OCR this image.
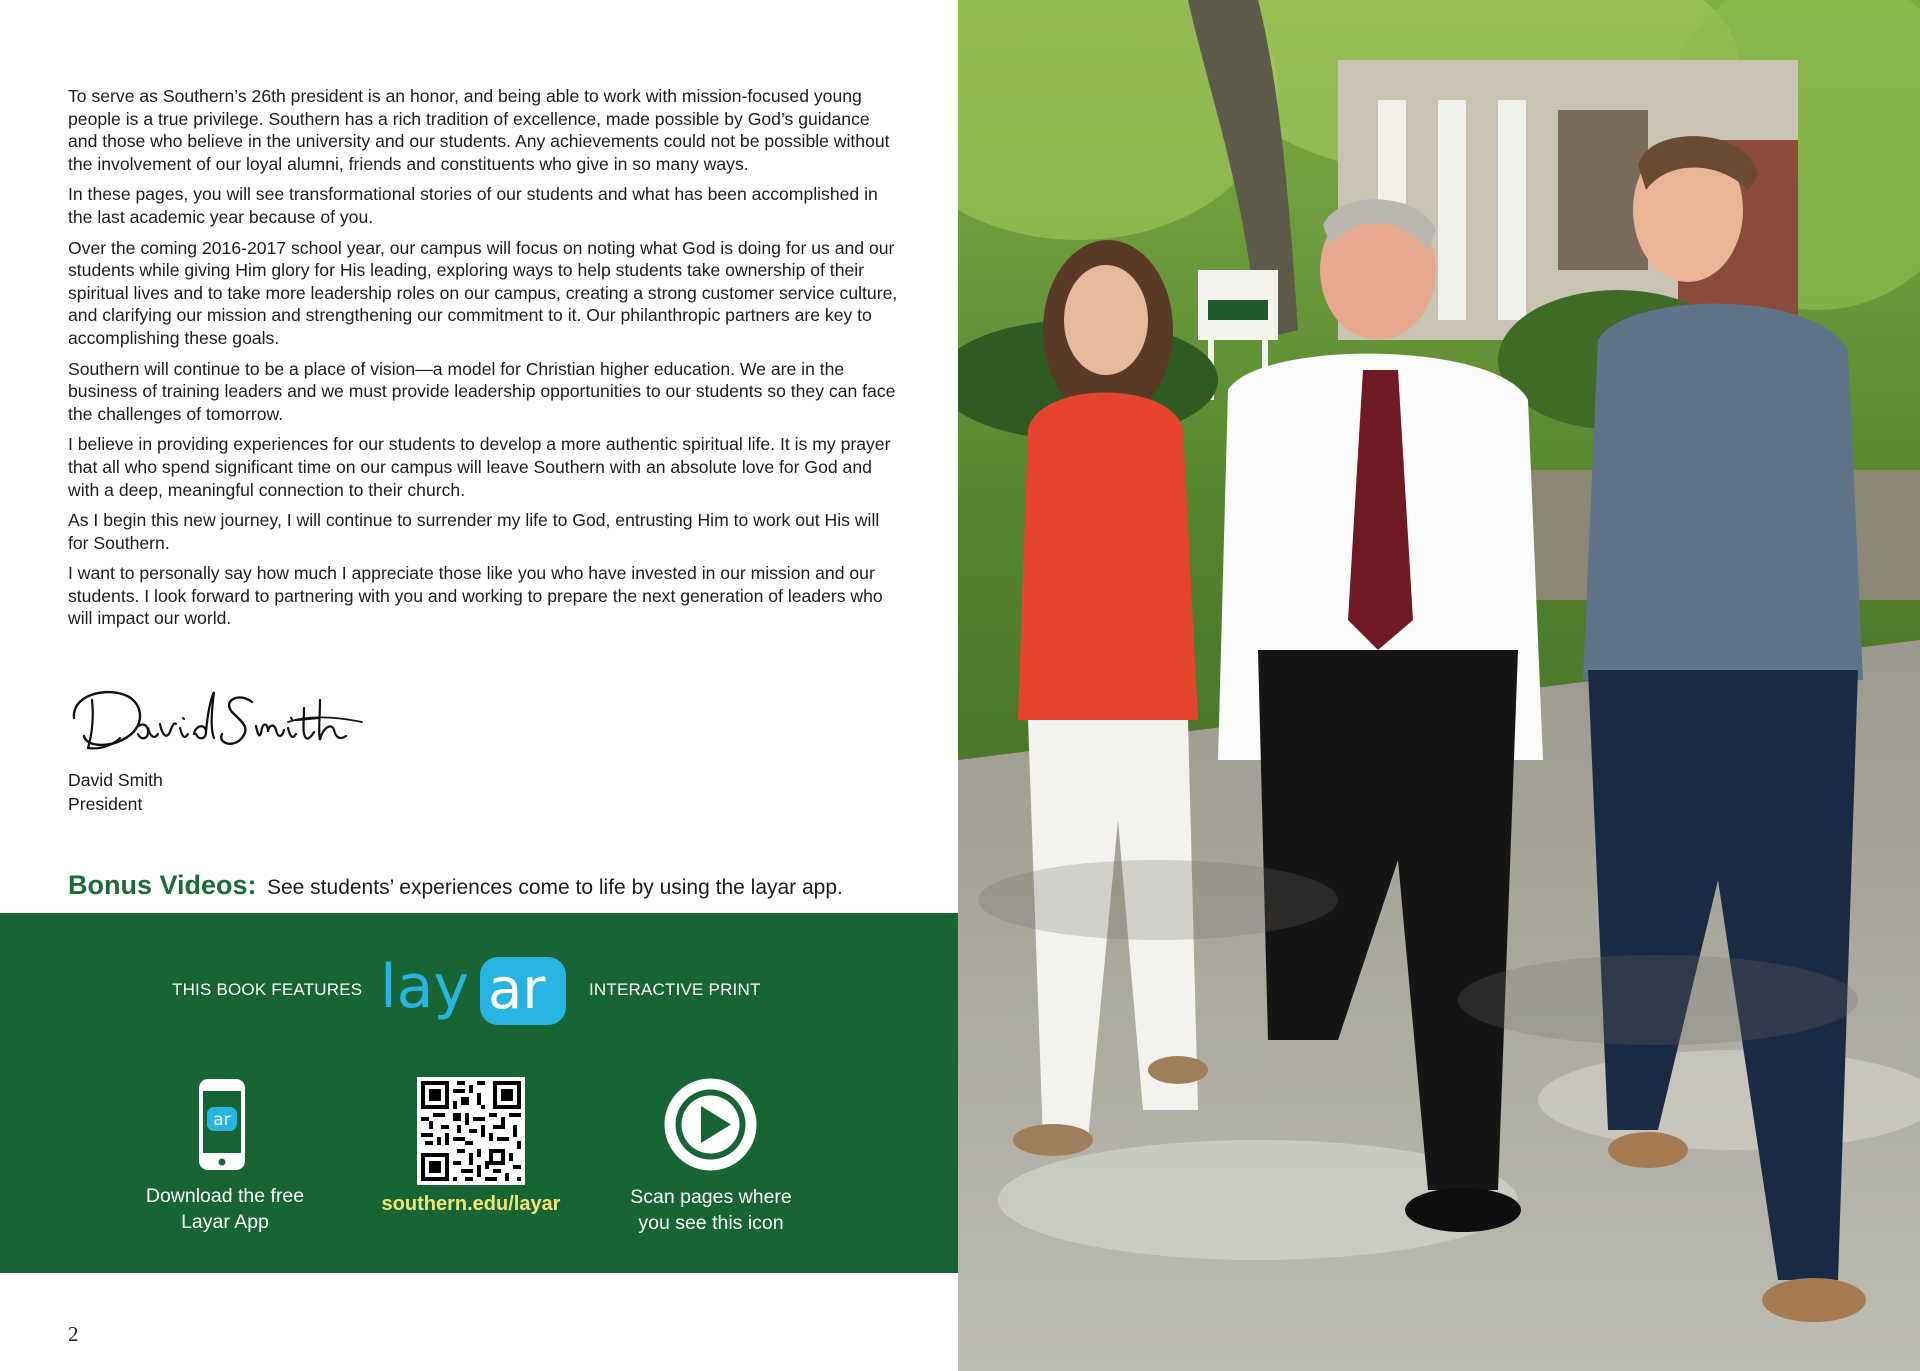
To serve as Southern’s 26th president is an honor, and being able to work with mission-focused young people is a true privilege. Southern has a rich tradition of excellence, made possible by God’s guidance and those who believe in the university and our students. Any achievements could not be possible without the involvement of our loyal alumni, friends and constituents who give in so many ways.

In these pages, you will see transformational stories of our students and what has been accomplished in the last academic year because of you.

Over the coming 2016-2017 school year, our campus will focus on noting what God is doing for us and our students while giving Him glory for His leading, exploring ways to help students take ownership of their spiritual lives and to take more leadership roles on our campus, creating a strong customer service culture, and clarifying our mission and strengthening our commitment to it. Our philanthropic partners are key to accomplishing these goals.

Southern will continue to be a place of vision—a model for Christian higher education. We are in the business of training leaders and we must provide leadership opportunities to our students so they can face the challenges of tomorrow.

I believe in providing experiences for our students to develop a more authentic spiritual life. It is my prayer that all who spend significant time on our campus will leave Southern with an absolute love for God and with a deep, meaningful connection to their church.

As I begin this new journey, I will continue to surrender my life to God, entrusting Him to work out His will for Southern.

I want to personally say how much I appreciate those like you who have invested in our mission and our students. I look forward to partnering with you and working to prepare the next generation of leaders who will impact our world.

David Smith
President
Bonus Videos: See students’ experiences come to life by using the layar app.
THIS BOOK FEATURES lay ar	INTERACTIVE PRINT
ar
Download the free
Layar App
southern.edu/layar	Scan pages where
you see this icon
2
